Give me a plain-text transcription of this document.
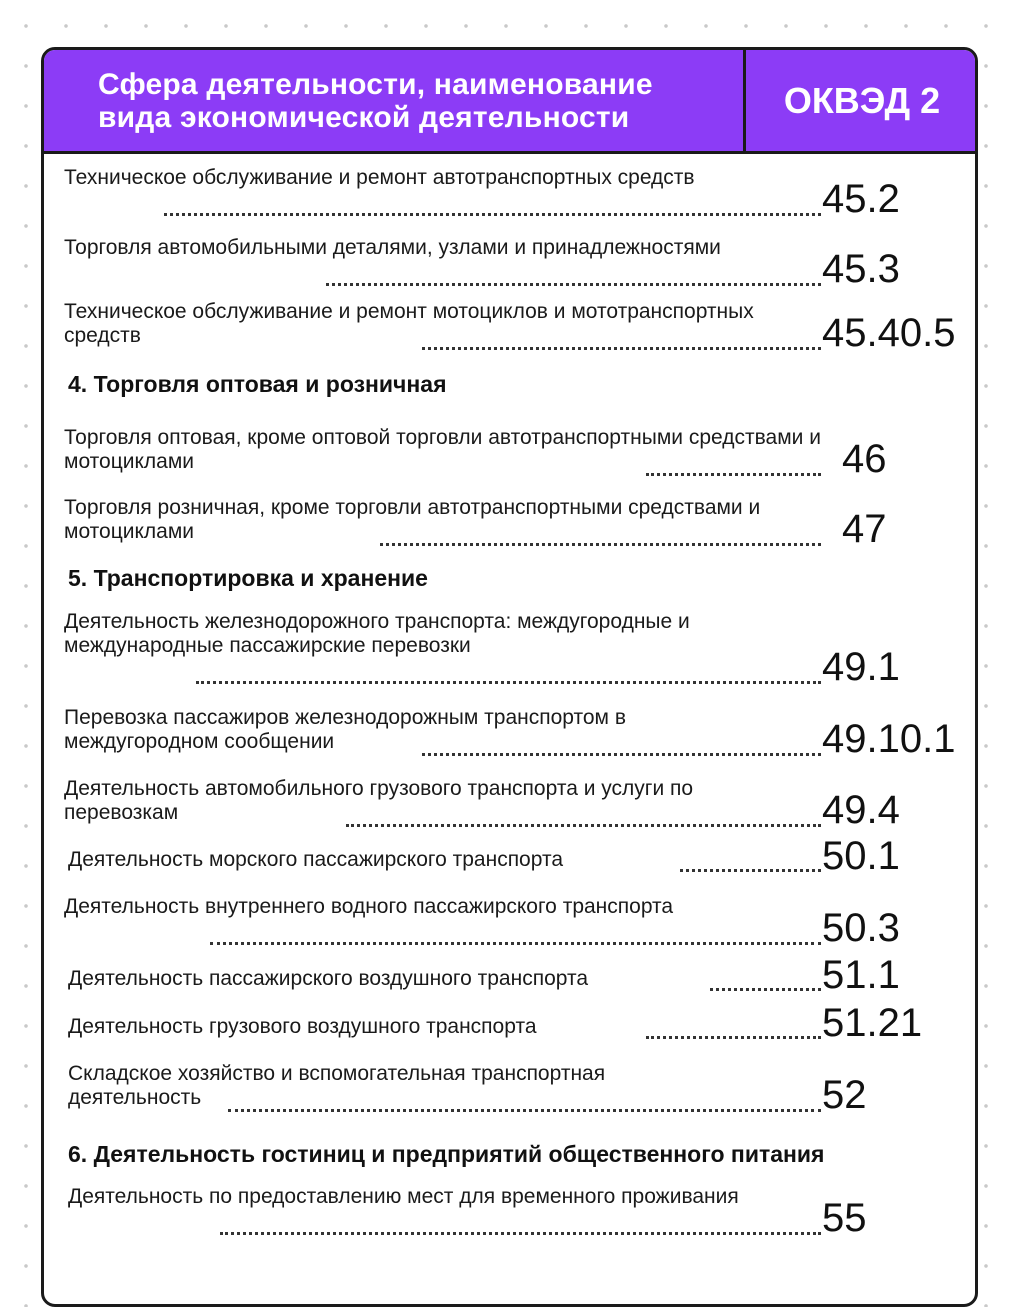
Сфера деятельности, наименование вида экономической деятельности	ОКВЭД 2
Техническое обслуживание и ремонт автотранспортных средств	45.2
Торговля автомобильными деталями, узлами и принадлежностями	45.3
Техническое обслуживание и ремонт мотоциклов и мототранспортных средств	45.40.5
4. Торговля оптовая и розничная
Торговля оптовая, кроме оптовой торговли автотранспортными средствами и мотоциклами	46
Торговля розничная, кроме торговли автотранспортными средствами и мотоциклами	47
5. Транспортировка и хранение
Деятельность железнодорожного транспорта: междугородные и международные пассажирские перевозки	49.1
Перевозка пассажиров железнодорожным транспортом в междугородном сообщении	49.10.1
Деятельность автомобильного грузового транспорта и услуги по перевозкам	49.4
Деятельность морского пассажирского транспорта	50.1
Деятельность внутреннего водного пассажирского транспорта	50.3
Деятельность пассажирского воздушного транспорта	51.1
Деятельность грузового воздушного транспорта	51.21
Складское хозяйство и вспомогательная транспортная деятельность	52
6. Деятельность гостиниц и предприятий общественного питания
Деятельность по предоставлению мест для временного проживания 55
